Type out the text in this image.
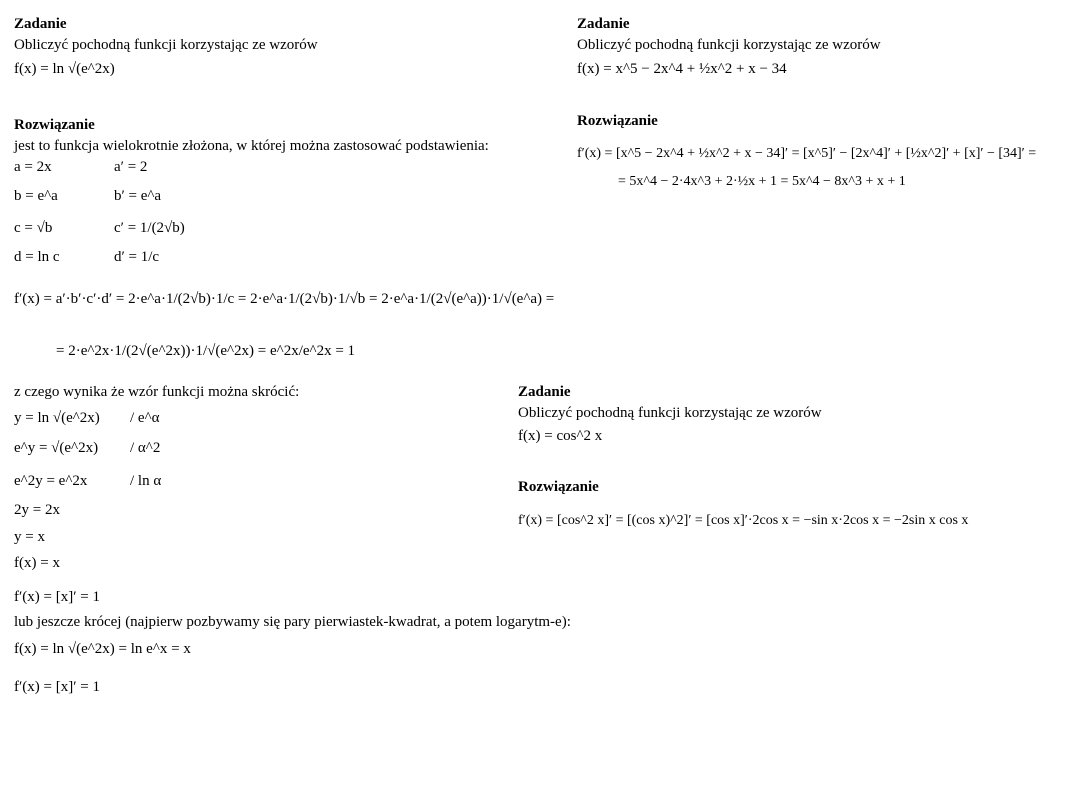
Zadanie
Obliczyć pochodną funkcji korzystając ze wzorów
f(x) = ln √(e^2x)
Rozwiązanie
jest to funkcja wielokrotnie złożona, w której można zastosować podstawienia:
a = 2x	a′ = 2
b = e^a	b′ = e^a
c = √b	c′ = 1/(2√b)
d = ln c	d′ = 1/c
f′(x) = a′·b′·c′·d′ = 2·e^a·1/(2√b)·1/c = 2·e^a·1/(2√b)·1/√b = 2·e^a·1/(2√(e^a))·1/√(e^a) =
= 2·e^2x·1/(2√(e^2x))·1/√(e^2x) = e^2x/e^2x = 1
z czego wynika że wzór funkcji można skrócić:
y = ln √(e^2x) / e^α
e^y = √(e^2x) / α^2
e^2y = e^2x	/ ln α
2y = 2x
y = x
f(x) = x
f′(x) = [x]′ = 1
lub jeszcze krócej (najpierw pozbywamy się pary pierwiastek-kwadrat, a potem logarytm-e):
f(x) = ln √(e^2x) = ln e^x = x
f′(x) = [x]′ = 1
Zadanie
Obliczyć pochodną funkcji korzystając ze wzorów
f(x) = x^5 − 2x^4 + ½x^2 + x − 34
Rozwiązanie
f′(x) = [x^5 − 2x^4 + ½x^2 + x − 34]′ = [x^5]′ − [2x^4]′ + [½x^2]′ + [x]′ − [34]′ =
= 5x^4 − 2·4x^3 + 2·½x + 1 = 5x^4 − 8x^3 + x + 1
Zadanie
Obliczyć pochodną funkcji korzystając ze wzorów
f(x) = cos^2 x
Rozwiązanie
f′(x) = [cos^2 x]′ = [(cos x)^2]′ = [cos x]′·2cos x = −sin x·2cos x = −2sin x cos x
